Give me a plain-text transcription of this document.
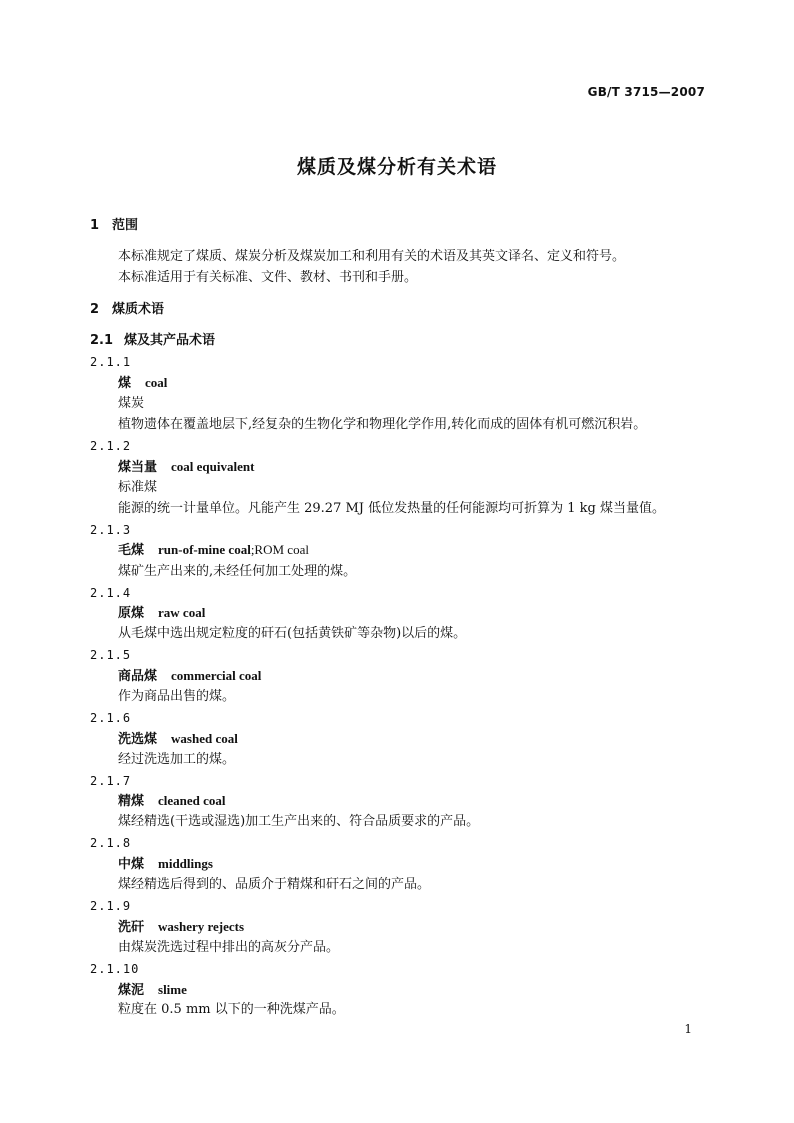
GB/T 3715—2007
煤质及煤分析有关术语
1 范围
本标准规定了煤质、煤炭分析及煤炭加工和利用有关的术语及其英文译名、定义和符号。
本标准适用于有关标准、文件、教材、书刊和手册。
2 煤质术语
2.1 煤及其产品术语
2.1.1
煤 coal
煤炭
植物遗体在覆盖地层下,经复杂的生物化学和物理化学作用,转化而成的固体有机可燃沉积岩。
2.1.2
煤当量 coal equivalent
标准煤
能源的统一计量单位。凡能产生 29.27 MJ 低位发热量的任何能源均可折算为 1 kg 煤当量值。
2.1.3
毛煤 run-of-mine coal;ROM coal
煤矿生产出来的,未经任何加工处理的煤。
2.1.4
原煤 raw coal
从毛煤中选出规定粒度的矸石(包括黄铁矿等杂物)以后的煤。
2.1.5
商品煤 commercial coal
作为商品出售的煤。
2.1.6
洗选煤 washed coal
经过洗选加工的煤。
2.1.7
精煤 cleaned coal
煤经精选(干选或湿选)加工生产出来的、符合品质要求的产品。
2.1.8
中煤 middlings
煤经精选后得到的、品质介于精煤和矸石之间的产品。
2.1.9
洗矸 washery rejects
由煤炭洗选过程中排出的高灰分产品。
2.1.10
煤泥 slime
粒度在 0.5 mm 以下的一种洗煤产品。
1
